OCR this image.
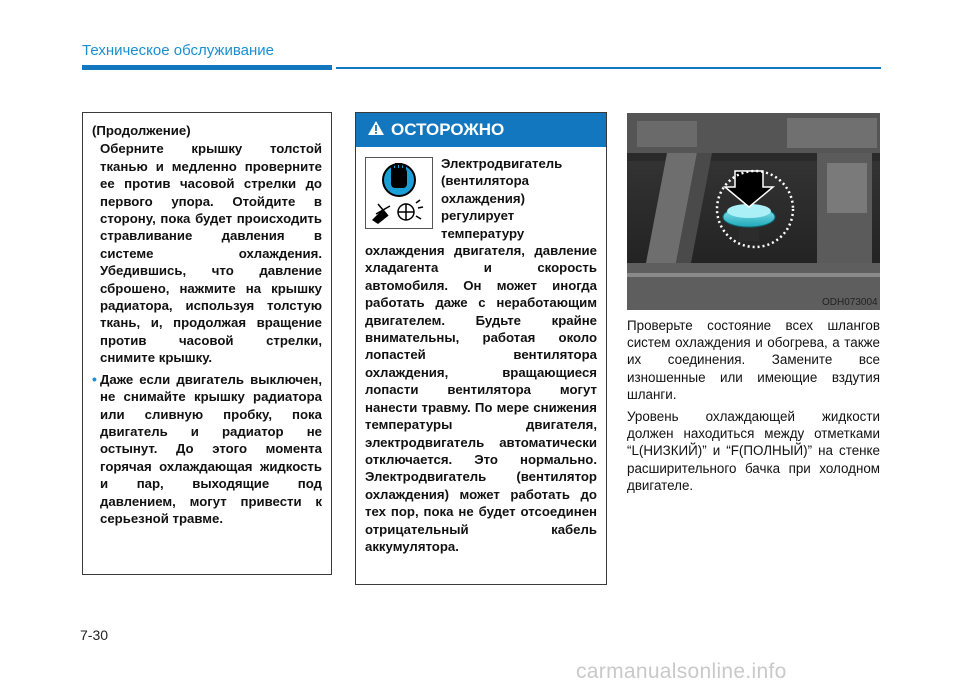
Техническое обслуживание
(Продолжение)

Оберните крышку толстой тканью и медленно проверните ее против часовой стрелки до первого упора. Отойдите в сторону, пока будет происходить стравливание давления в системе охлаждения. Убедившись, что давление сброшено, нажмите на крышку радиатора, используя толстую ткань, и, продолжая вращение против часовой стрелки, снимите крышку.

• Даже если двигатель выключен, не снимайте крышку радиатора или сливную пробку, пока двигатель и радиатор не остынут. До этого момента горячая охлаждающая жидкость и пар, выходящие под давлением, могут привести к серьезной травме.
ОСТОРОЖНО
Электродвигатель (вентилятора охлаждения) регулирует температуру охлаждения двигателя, давление хладагента и скорость автомобиля. Он может иногда работать даже с неработающим двигателем. Будьте крайне внимательны, работая около лопастей вентилятора охлаждения, вращающиеся лопасти вентилятора могут нанести травму. По мере снижения температуры двигателя, электродвигатель автоматически отключается. Это нормально. Электродвигатель (вентилятор охлаждения) может работать до тех пор, пока не будет отсоединен отрицательный кабель аккумулятора.
ODH073004

Проверьте состояние всех шлангов систем охлаждения и обогрева, а также их соединения. Замените все изношенные или имеющие вздутия шланги.

Уровень охлаждающей жидкости должен находиться между отметками “L(НИЗКИЙ)” и “F(ПОЛНЫЙ)” на стенке расширительного бачка при холодном двигателе.

7-30
carmanualsonline.info
